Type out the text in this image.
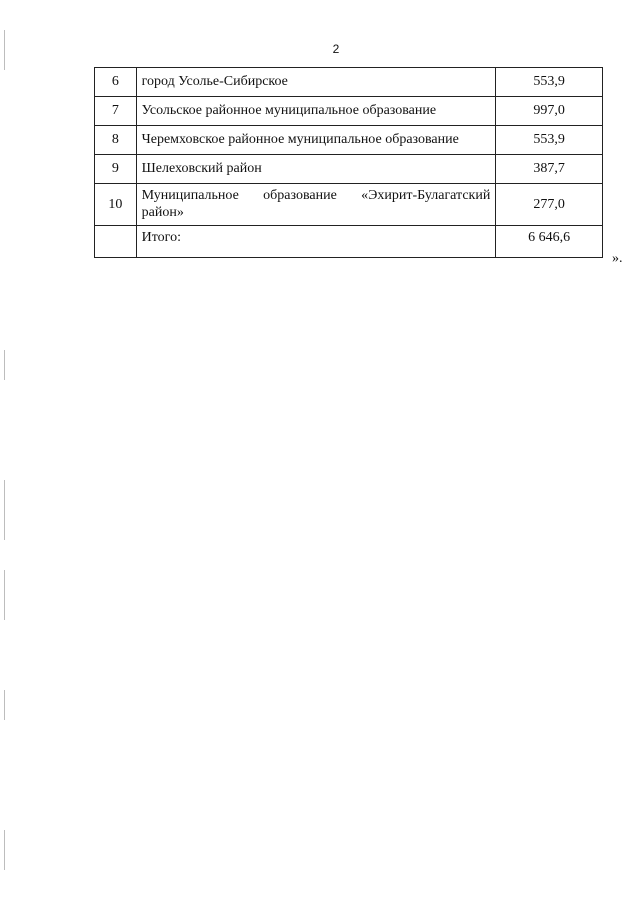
2
6	город Усолье-Сибирское	553,9
7	Усольское районное муниципальное образование	997,0
8	Черемховское районное муниципальное образование	553,9
9	Шелеховский район	387,7
10	Муниципальное образование «Эхирит-Булагатский район»	277,0
	Итого:	6 646,6
».
